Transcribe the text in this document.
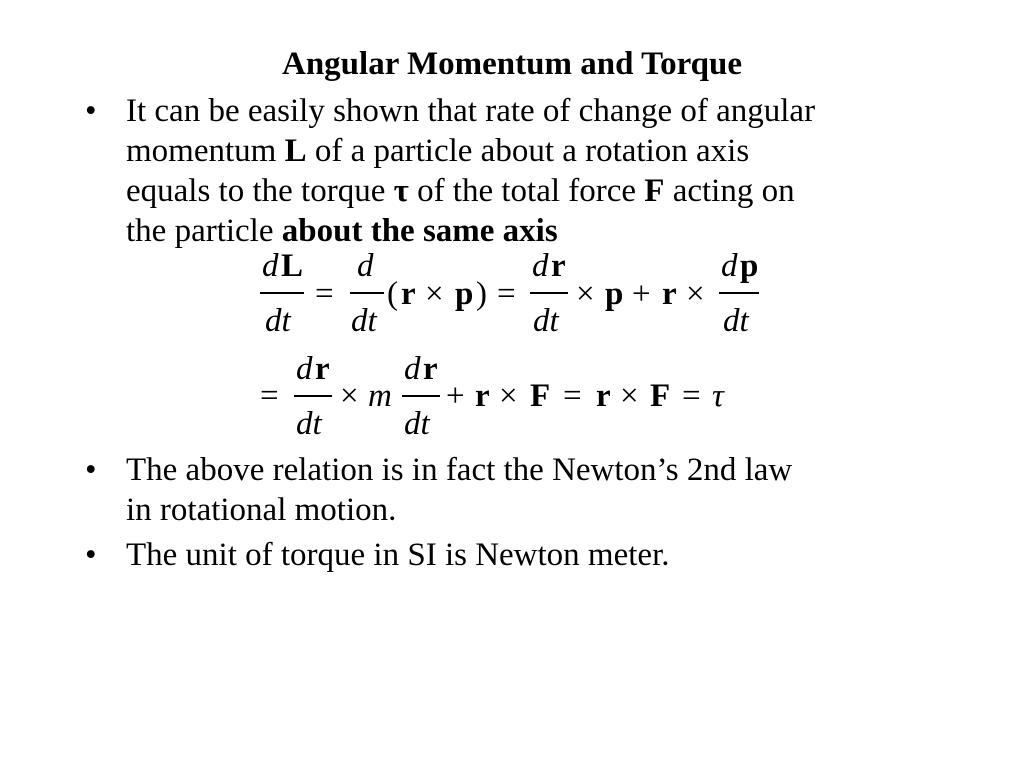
Angular Momentum and Torque
• It can be easily shown that rate of change of angular
momentum L of a particle about a rotation axis
equals to the torque τ of the total force F acting on
the particle about the same axis
d L
dt
=
d
dt
( r × p ) =
d r
dt
× p + r ×
d p
dt
=
d r
dt
× m
d r
dt
+ r × F = r × F = τ
• The above relation is in fact the Newton’s 2nd law
in rotational motion.
• The unit of torque in SI is Newton meter.
